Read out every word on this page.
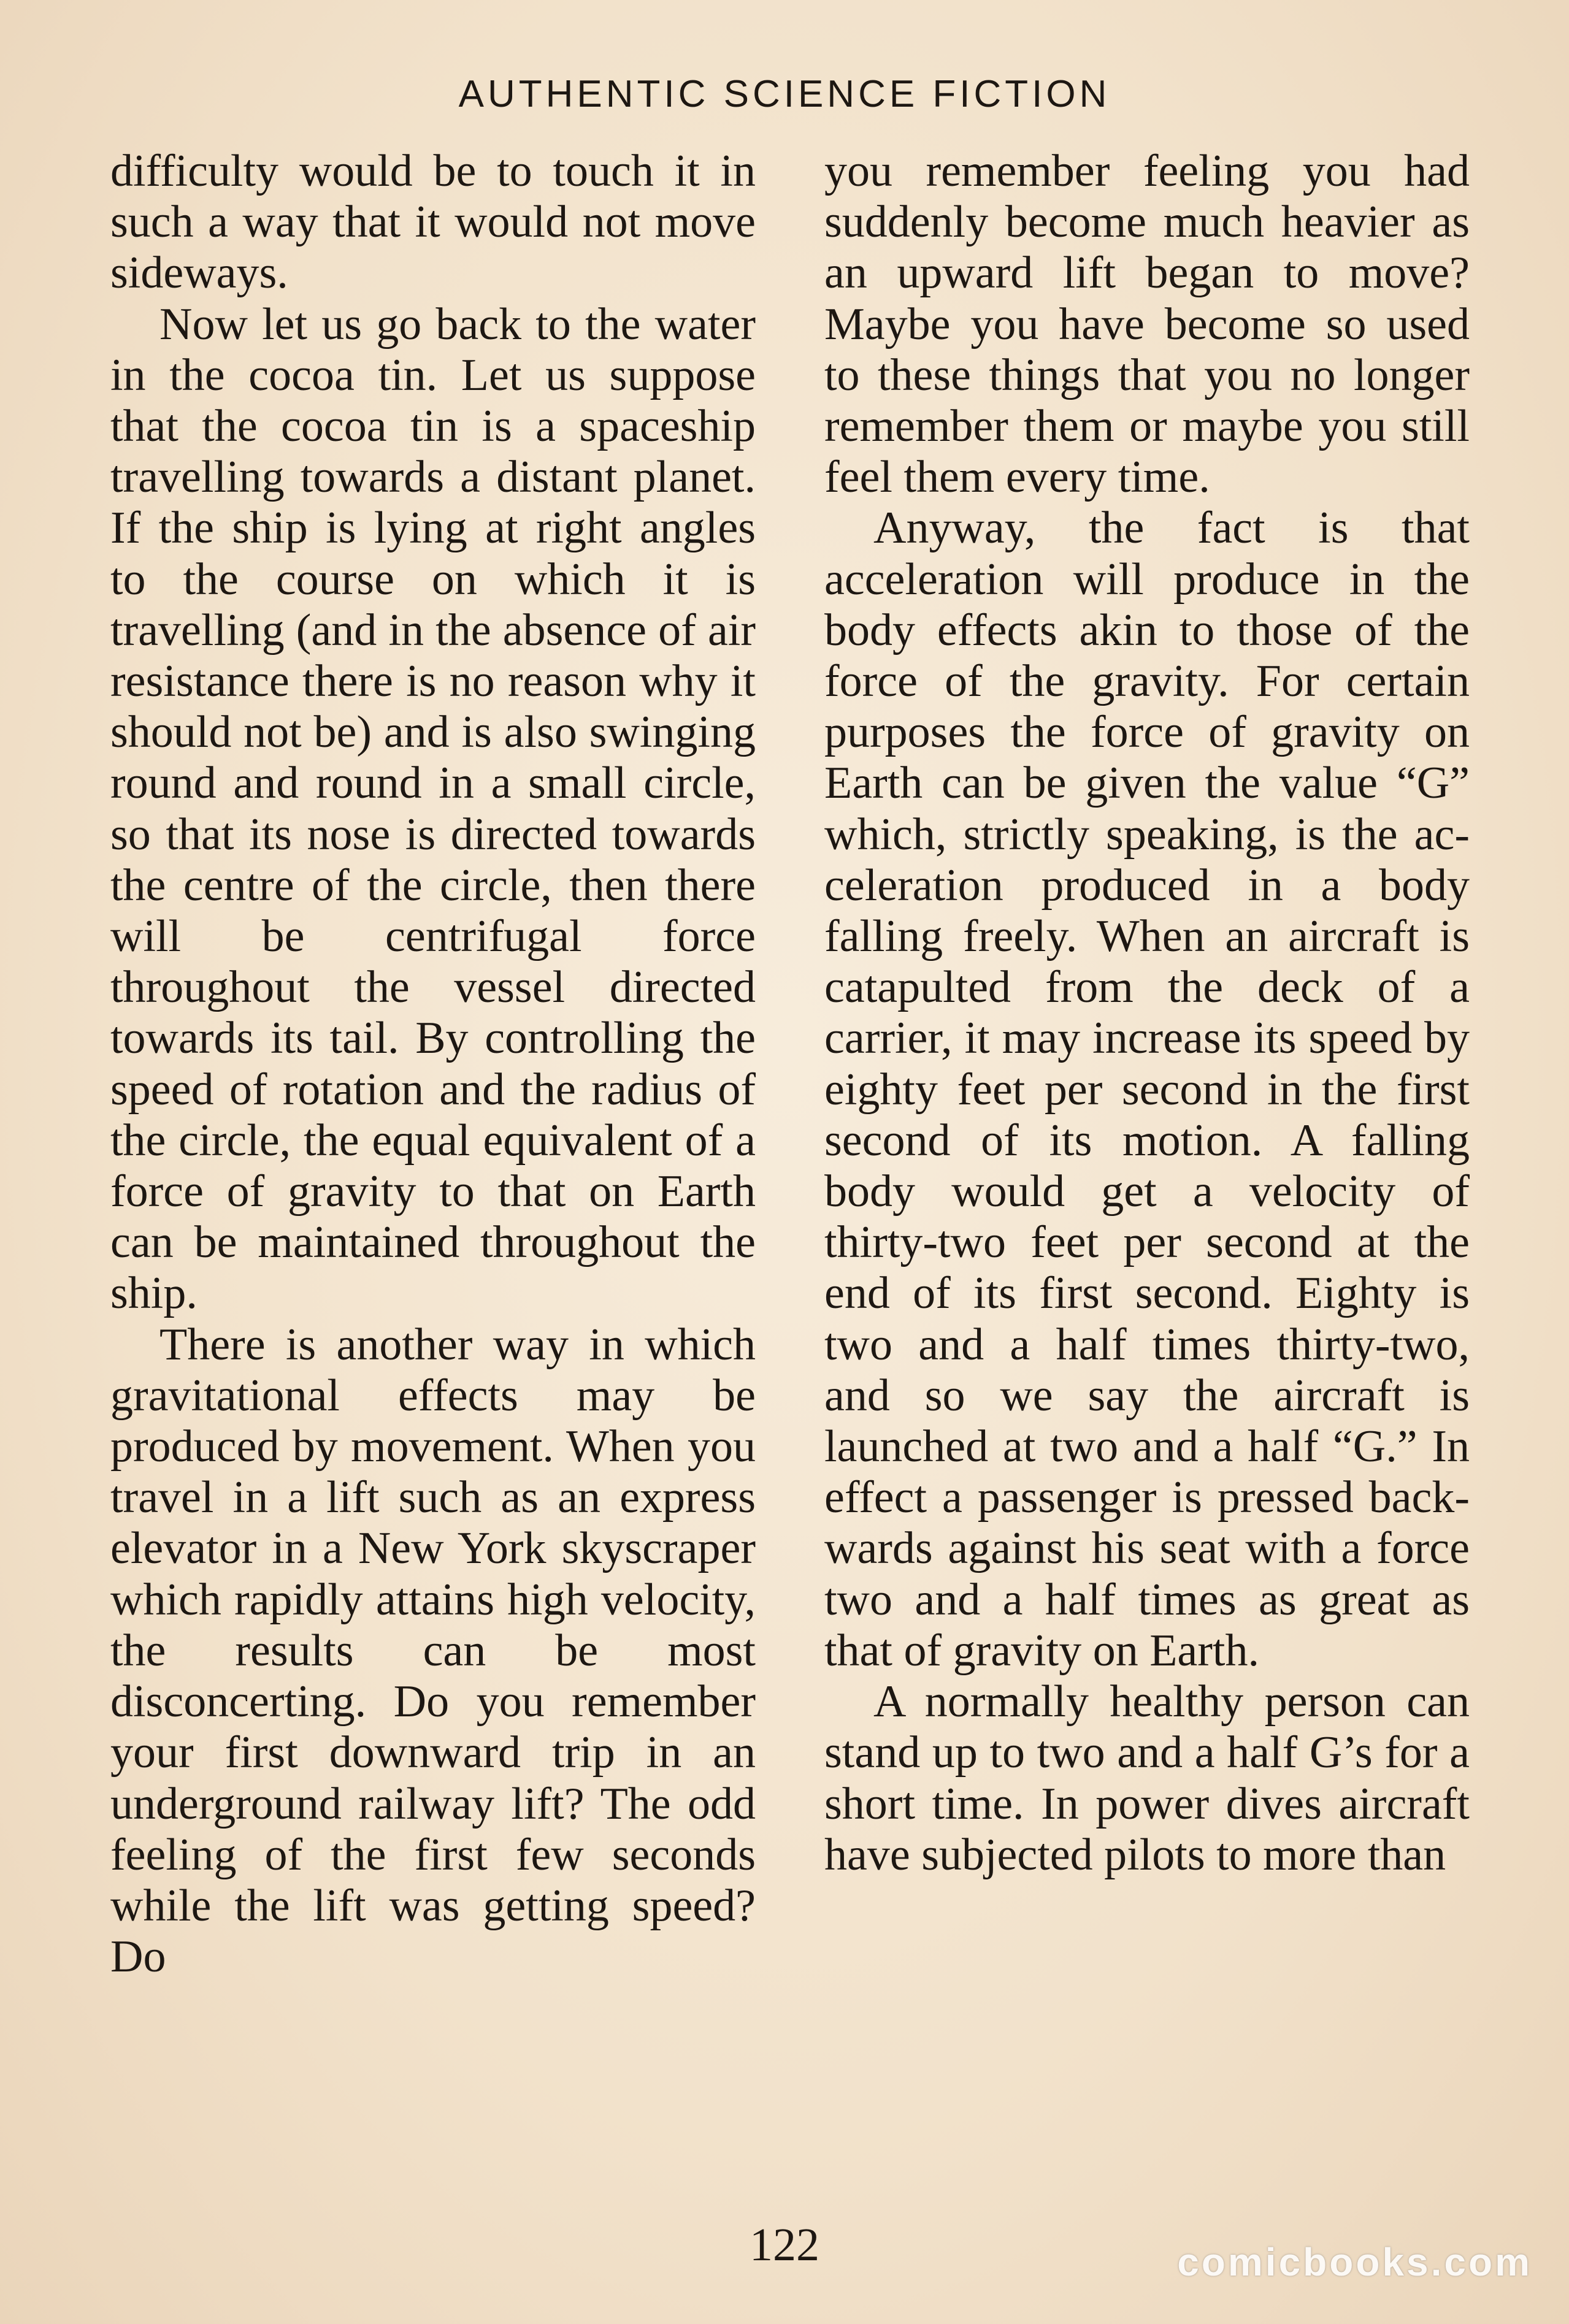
AUTHENTIC SCIENCE FICTION

difficulty would be to touch it in such a way that it would not move sideways.

Now let us go back to the water in the cocoa tin. Let us suppose that the cocoa tin is a spaceship travelling towards a distant planet. If the ship is lying at right angles to the course on which it is travelling (and in the absence of air resistance there is no reason why it should not be) and is also swinging round and round in a small circle, so that its nose is directed towards the centre of the circle, then there will be centrifugal force throughout the vessel directed towards its tail. By controlling the speed of rotation and the radius of the circle, the equal equivalent of a force of gravity to that on Earth can be maintained throughout the ship.

There is another way in which gravitational effects may be produced by movement. When you travel in a lift such as an express elevator in a New York skyscraper which rapidly attains high velocity, the results can be most disconcerting. Do you remember your first downward trip in an underground railway lift? The odd feeling of the first few seconds while the lift was getting speed? Do

you remember feeling you had suddenly become much heavier as an upward lift began to move? Maybe you have become so used to these things that you no longer remember them or maybe you still feel them every time.

Anyway, the fact is that acceleration will produce in the body effects akin to those of the force of the gravity. For certain purposes the force of gravity on Earth can be given the value “G” which, strictly speaking, is the acceleration produced in a body falling freely. When an aircraft is catapulted from the deck of a carrier, it may increase its speed by eighty feet per second in the first second of its motion. A falling body would get a velocity of thirty-two feet per second at the end of its first second. Eighty is two and a half times thirty-two, and so we say the aircraft is launched at two and a half “G.” In effect a passenger is pressed backwards against his seat with a force two and a half times as great as that of gravity on Earth.

A normally healthy person can stand up to two and a half G’s for a short time. In power dives aircraft have subjected pilots to more than

122	comicbooks.com
